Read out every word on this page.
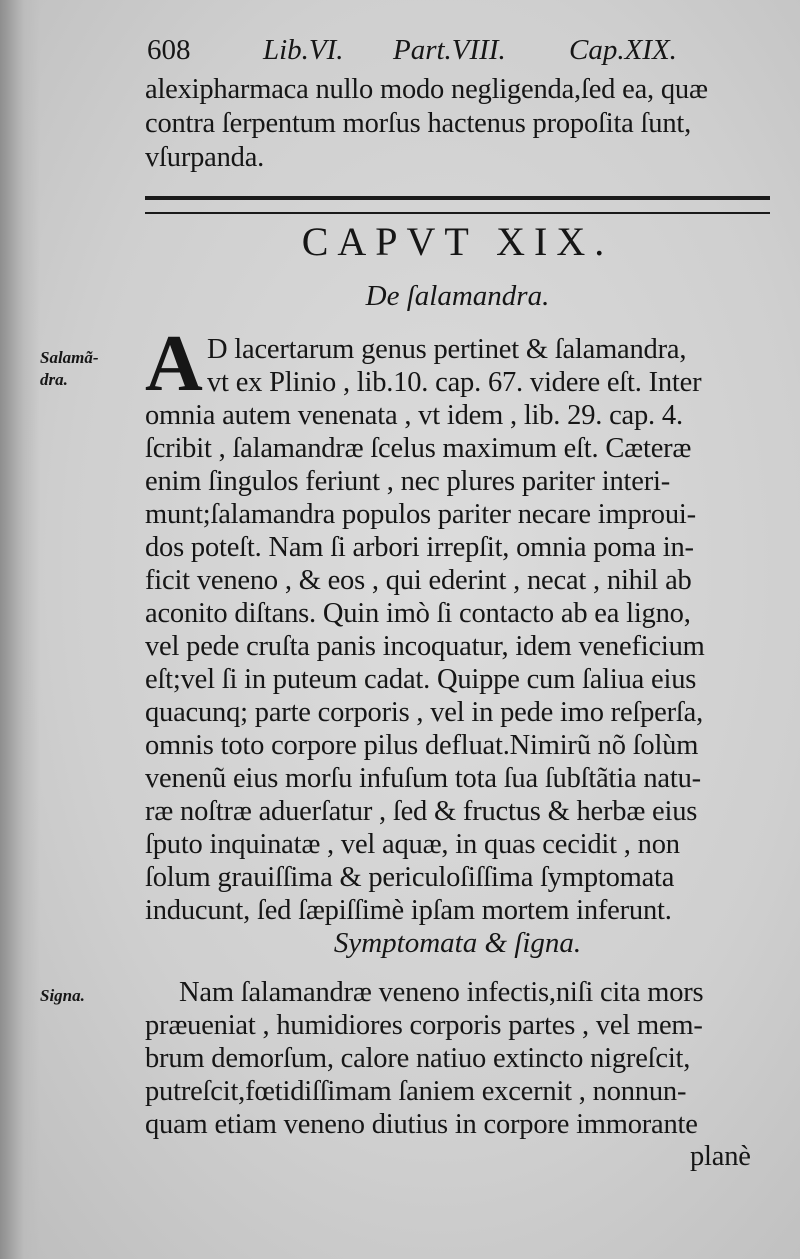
608	Lib.VI. Part.VIII. Cap.XIX.
alexipharmaca nullo modo negligenda,ſed ea, quæ
contra ſerpentum morſus hactenus propoſita ſunt,
vſurpanda.
CAPVT XIX.
De ſalamandra.
Salamã-
dra. A D lacertarum genus pertinet & ſalamandra,
vt ex Plinio , lib.10. cap. 67. videre eſt. Inter
omnia autem venenata , vt idem , lib. 29. cap. 4.
ſcribit , ſalamandræ ſcelus maximum eſt. Cæteræ
enim ſingulos feriunt , nec plures pariter interi-
munt;ſalamandra populos pariter necare improui-
dos poteſt. Nam ſi arbori irrepſit, omnia poma in-
ficit veneno , & eos , qui ederint , necat , nihil ab
aconito diſtans. Quin imò ſi contacto ab ea ligno,
vel pede cruſta panis incoquatur, idem veneficium
eſt;vel ſi in puteum cadat. Quippe cum ſaliua eius
quacunq; parte corporis , vel in pede imo reſperſa,
omnis toto corpore pilus defluat.Nimirũ nõ ſolùm
venenũ eius morſu infuſum tota ſua ſubſtãtia natu-
ræ noſtræ aduerſatur , ſed & fructus & herbæ eius
ſputo inquinatæ , vel aquæ, in quas cecidit , non
ſolum grauiſſima & periculoſiſſima ſymptomata
inducunt, ſed ſæpiſſimè ipſam mortem inferunt.
Symptomata & ſigna.
Signa.	Nam ſalamandræ veneno infectis,niſi cita mors
præueniat , humidiores corporis partes , vel mem-
brum demorſum, calore natiuo extincto nigreſcit,
putreſcit,fœtidiſſimam ſaniem excernit , nonnun-
quam etiam veneno diutius in corpore immorante
planè
